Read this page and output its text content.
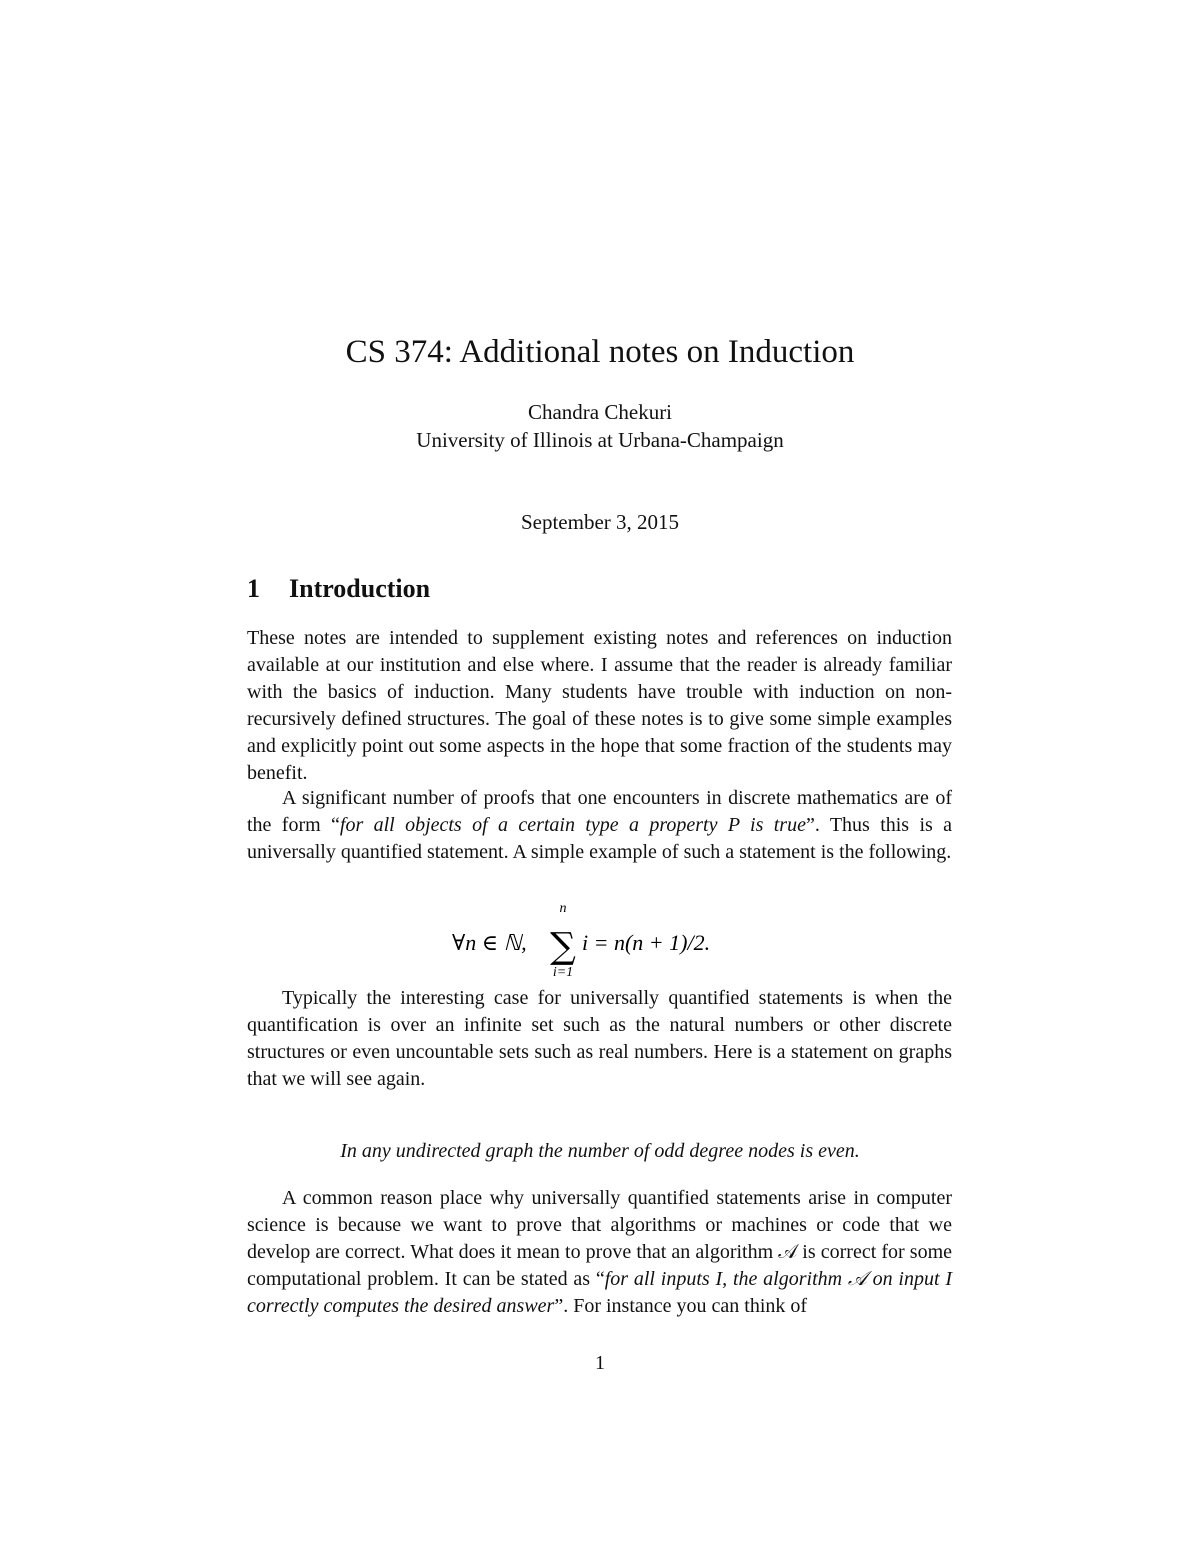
CS 374: Additional notes on Induction
Chandra Chekuri
University of Illinois at Urbana-Champaign
September 3, 2015
1 Introduction

These notes are intended to supplement existing notes and references on induction available at our institution and else where. I assume that the reader is already familiar with the basics of induction. Many students have trouble with induction on non-recursively defined structures. The goal of these notes is to give some simple examples and explicitly point out some aspects in the hope that some fraction of the students may benefit.

A significant number of proofs that one encounters in discrete mathematics are of the form “for all objects of a certain type a property P is true”. Thus this is a universally quantified statement. A simple example of such a statement is the following.

∀n ∈ ℕ,
n
∑
i=1
i = n(n + 1)/2.

Typically the interesting case for universally quantified statements is when the quantification is over an infinite set such as the natural numbers or other discrete structures or even uncountable sets such as real numbers. Here is a statement on graphs that we will see again.

In any undirected graph the number of odd degree nodes is even.

A common reason place why universally quantified statements arise in computer science is because we want to prove that algorithms or machines or code that we develop are correct. What does it mean to prove that an algorithm 𝒜 is correct for some computational problem. It can be stated as “for all inputs I, the algorithm 𝒜 on input I correctly computes the desired answer”. For instance you can think of

1
